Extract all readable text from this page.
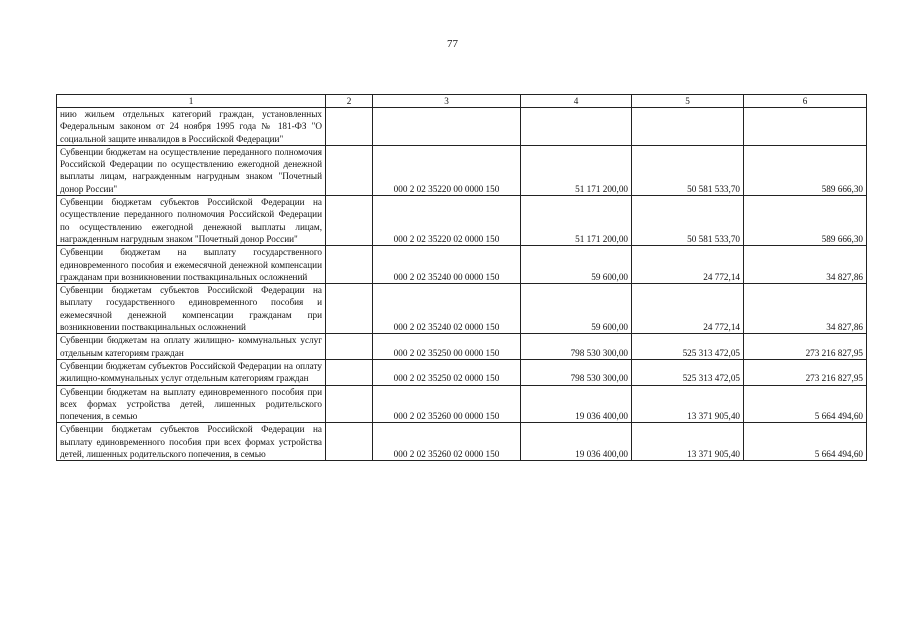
77
1	2	3	4	5	6
нию жильем отдельных категорий граждан, установленных Федеральным законом от 24 ноября 1995 года № 181-ФЗ "О социальной защите инвалидов в Российской Федерации"					
Субвенции бюджетам на осуществление переданного полномочия Российской Федерации по осуществлению ежегодной денежной выплаты лицам, награжденным нагрудным знаком "Почетный донор России"		000 2 02 35220 00 0000 150	51 171 200,00	50 581 533,70	589 666,30
Субвенции бюджетам субъектов Российской Федерации на осуществление переданного полномочия Российской Федерации по осуществлению ежегодной денежной выплаты лицам, награжденным нагрудным знаком "Почетный донор России"		000 2 02 35220 02 0000 150	51 171 200,00	50 581 533,70	589 666,30
Субвенции бюджетам на выплату государственного единовременного пособия и ежемесячной денежной компенсации гражданам при возникновении поствакцинальных осложнений		000 2 02 35240 00 0000 150	59 600,00	24 772,14	34 827,86
Субвенции бюджетам субъектов Российской Федерации на выплату государственного единовременного пособия и ежемесячной денежной компенсации гражданам при возникновении поствакцинальных осложнений		000 2 02 35240 02 0000 150	59 600,00	24 772,14	34 827,86
Субвенции бюджетам на оплату жилищно- коммунальных услуг отдельным категориям граждан		000 2 02 35250 00 0000 150	798 530 300,00	525 313 472,05	273 216 827,95
Субвенции бюджетам субъектов Российской Федерации на оплату жилищно-коммунальных услуг отдельным категориям граждан		000 2 02 35250 02 0000 150	798 530 300,00	525 313 472,05	273 216 827,95
Субвенции бюджетам на выплату единовременного пособия при всех формах устройства детей, лишенных родительского попечения, в семью		000 2 02 35260 00 0000 150	19 036 400,00	13 371 905,40	5 664 494,60
Субвенции бюджетам субъектов Российской Федерации на выплату единовременного пособия при всех формах устройства детей, лишенных родительского попечения, в семью		000 2 02 35260 02 0000 150	19 036 400,00	13 371 905,40	5 664 494,60
